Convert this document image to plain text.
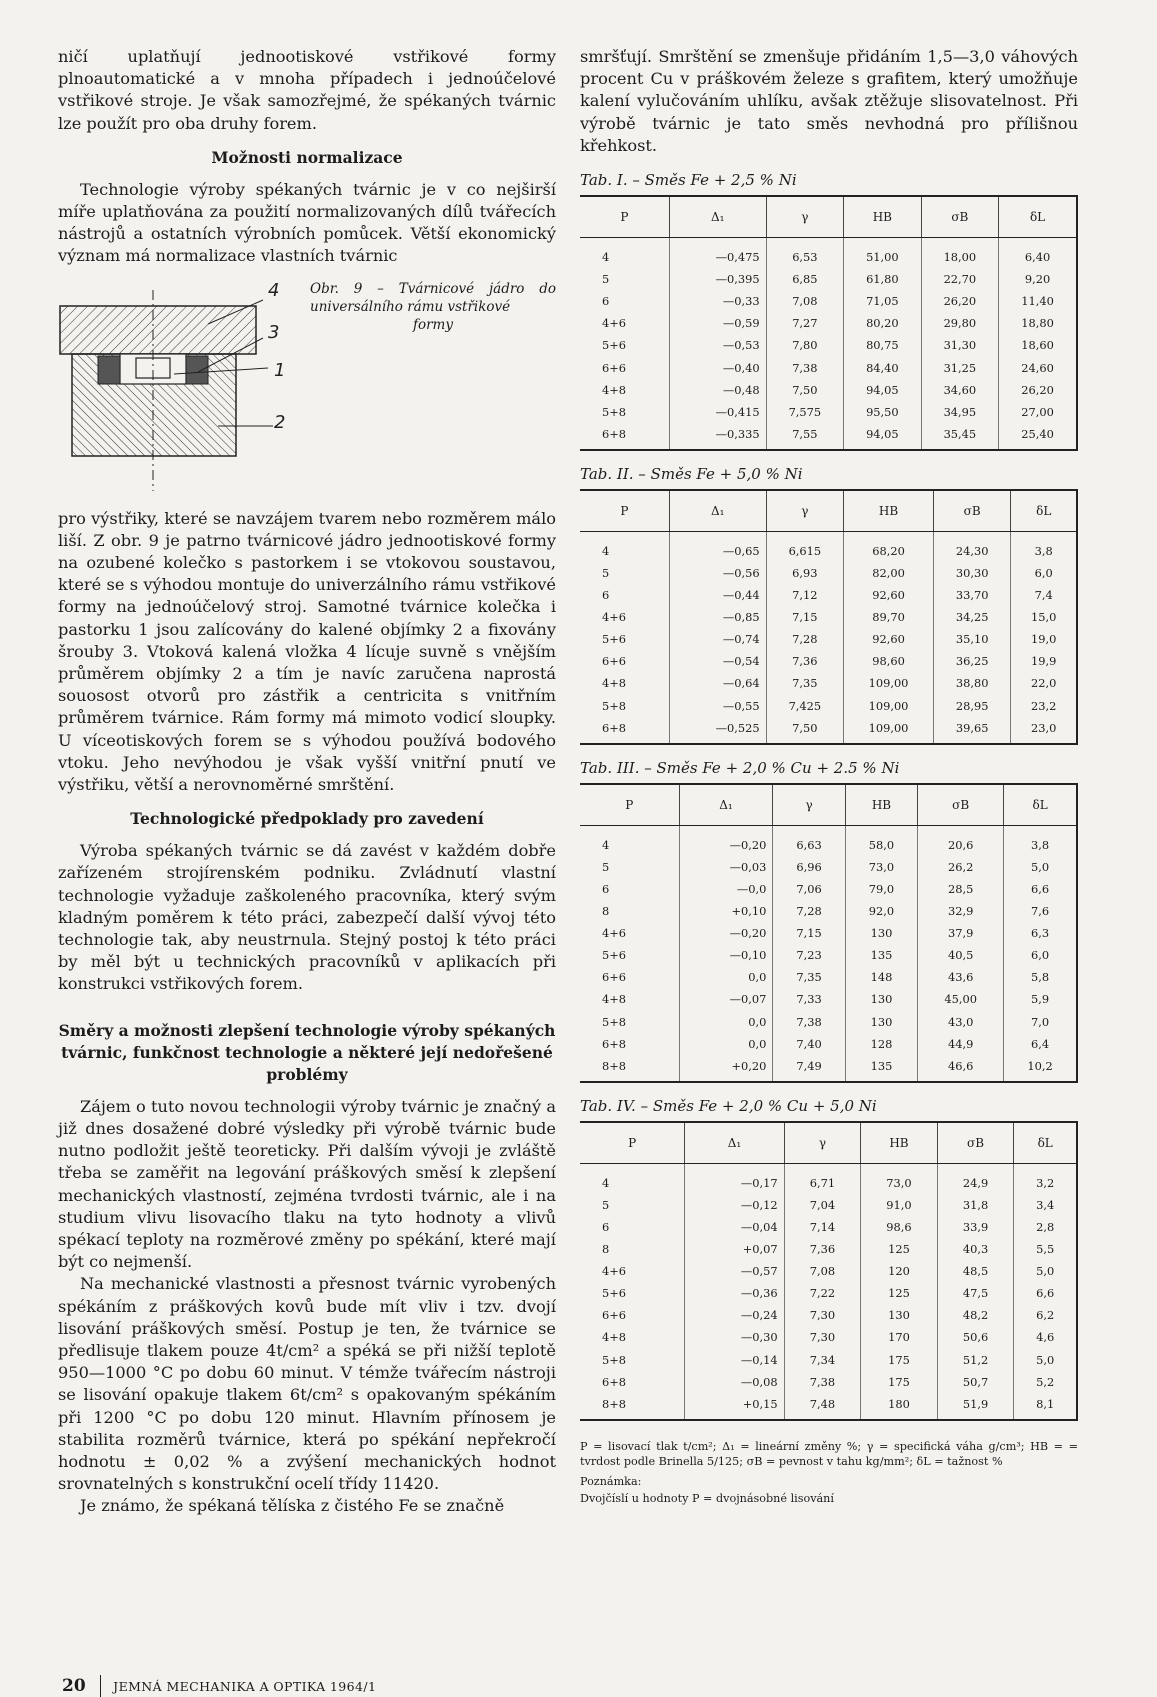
ničí uplatňují jednootiskové vstřikové formy plnoautomatické a v mnoha případech i jednoúčelové vstřikové stroje. Je však samozřejmé, že spékaných tvárnic lze použít pro oba druhy forem.

Možnosti normalizace

Technologie výroby spékaných tvárnic je v co nejširší míře uplatňována za použití normalizovaných dílů tvářecích nástrojů a ostatních výrobních pomůcek. Větší ekonomický význam má normalizace vlastních tvárnic

4
3
1
2
Obr. 9 – Tvárnicové jádro do universálního rámu vstřikové
formy

pro výstřiky, které se navzájem tvarem nebo rozměrem málo liší. Z obr. 9 je patrno tvárnicové jádro jednootiskové formy na ozubené kolečko s pastorkem i se vtokovou soustavou, které se s výhodou montuje do univerzálního rámu vstřikové formy na jednoúčelový stroj. Samotné tvárnice kolečka i pastorku 1 jsou zalícovány do kalené objímky 2 a fixovány šrouby 3. Vtoková kalená vložka 4 lícuje suvně s vnějším průměrem objímky 2 a tím je navíc zaručena naprostá souosost otvorů pro zástřik a centricita s vnitřním průměrem tvárnice. Rám formy má mimoto vodicí sloupky. U víceotiskových forem se s výhodou používá bodového vtoku. Jeho nevýhodou je však vyšší vnitřní pnutí ve výstřiku, větší a nerovnoměrné smrštění.

Technologické předpoklady pro zavedení

Výroba spékaných tvárnic se dá zavést v každém dobře zařízeném strojírenském podniku. Zvládnutí vlastní technologie vyžaduje zaškoleného pracovníka, který svým kladným poměrem k této práci, zabezpečí další vývoj této technologie tak, aby neustrnula. Stejný postoj k této práci by měl být u technických pracovníků v aplikacích při konstrukci vstřikových forem.

Směry a možnosti zlepšení technologie výroby spékaných tvárnic, funkčnost technologie a některé její nedořešené problémy

Zájem o tuto novou technologii výroby tvárnic je značný a již dnes dosažené dobré výsledky při výrobě tvárnic bude nutno podložit ještě teoreticky. Při dalším vývoji je zvláště třeba se zaměřit na legování práškových směsí k zlepšení mechanických vlastností, zejména tvrdosti tvárnic, ale i na studium vlivu lisovacího tlaku na tyto hodnoty a vlivů spékací teploty na rozměrové změny po spékání, které mají být co nejmenší.

Na mechanické vlastnosti a přesnost tvárnic vyrobených spékáním z práškových kovů bude mít vliv i tzv. dvojí lisování práškových směsí. Postup je ten, že tvárnice se předlisuje tlakem pouze 4t/cm² a spéká se při nižší teplotě 950—1000 °C po dobu 60 minut. V témže tvářecím nástroji se lisování opakuje tlakem 6t/cm² s opakovaným spékáním při 1200 °C po dobu 120 minut. Hlavním přínosem je stabilita rozměrů tvárnice, která po spékání nepřekročí hodnotu ± 0,02 % a zvýšení mechanických hodnot srovnatelných s konstrukční ocelí třídy 11420.

Je známo, že spékaná tělíska z čistého Fe se značně

smršťují. Smrštění se zmenšuje přidáním 1,5—3,0 váhových procent Cu v práškovém železe s grafitem, který umožňuje kalení vylučováním uhlíku, avšak ztěžuje slisovatelnost. Při výrobě tvárnic je tato směs nevhodná pro přílišnou křehkost.

Tab. I. – Směs Fe + 2,5 % Ni
P	Δ₁	γ	HB	σB	δL
4	—0,475	6,53	51,00	18,00	6,40
5	—0,395	6,85	61,80	22,70	9,20
6	—0,33	7,08	71,05	26,20	11,40
4+6	—0,59	7,27	80,20	29,80	18,80
5+6	—0,53	7,80	80,75	31,30	18,60
6+6	—0,40	7,38	84,40	31,25	24,60
4+8	—0,48	7,50	94,05	34,60	26,20
5+8	—0,415	7,575	95,50	34,95	27,00
6+8	—0,335	7,55	94,05	35,45	25,40
Tab. II. – Směs Fe + 5,0 % Ni
P	Δ₁	γ	HB	σB	δL
4	—0,65	6,615	68,20	24,30	3,8
5	—0,56	6,93	82,00	30,30	6,0
6	—0,44	7,12	92,60	33,70	7,4
4+6	—0,85	7,15	89,70	34,25	15,0
5+6	—0,74	7,28	92,60	35,10	19,0
6+6	—0,54	7,36	98,60	36,25	19,9
4+8	—0,64	7,35	109,00	38,80	22,0
5+8	—0,55	7,425	109,00	28,95	23,2
6+8	—0,525	7,50	109,00	39,65	23,0
Tab. III. – Směs Fe + 2,0 % Cu + 2.5 % Ni
P	Δ₁	γ	HB	σB	δL
4	—0,20	6,63	58,0	20,6	3,8
5	—0,03	6,96	73,0	26,2	5,0
6	—0,0	7,06	79,0	28,5	6,6
8	+0,10	7,28	92,0	32,9	7,6
4+6	—0,20	7,15	130	37,9	6,3
5+6	—0,10	7,23	135	40,5	6,0
6+6	0,0	7,35	148	43,6	5,8
4+8	—0,07	7,33	130	45,00	5,9
5+8	0,0	7,38	130	43,0	7,0
6+8	0,0	7,40	128	44,9	6,4
8+8	+0,20	7,49	135	46,6	10,2
Tab. IV. – Směs Fe + 2,0 % Cu + 5,0 Ni
P	Δ₁	γ	HB	σB	δL
4	—0,17	6,71	73,0	24,9	3,2
5	—0,12	7,04	91,0	31,8	3,4
6	—0,04	7,14	98,6	33,9	2,8
8	+0,07	7,36	125	40,3	5,5
4+6	—0,57	7,08	120	48,5	5,0
5+6	—0,36	7,22	125	47,5	6,6
6+6	—0,24	7,30	130	48,2	6,2
4+8	—0,30	7,30	170	50,6	4,6
5+8	—0,14	7,34	175	51,2	5,0
6+8	—0,08	7,38	175	50,7	5,2
8+8	+0,15	7,48	180	51,9	8,1
P = lisovací tlak t/cm²; Δ₁ = lineární změny %; γ = specifická váha g/cm³; HB = = tvrdost podle Brinella 5/125; σB = pevnost v tahu kg/mm²; δL = tažnost %
Poznámka:
Dvojčíslí u hodnoty P = dvojnásobné lisování
20 JEMNÁ MECHANIKA A OPTIKA 1964/1
